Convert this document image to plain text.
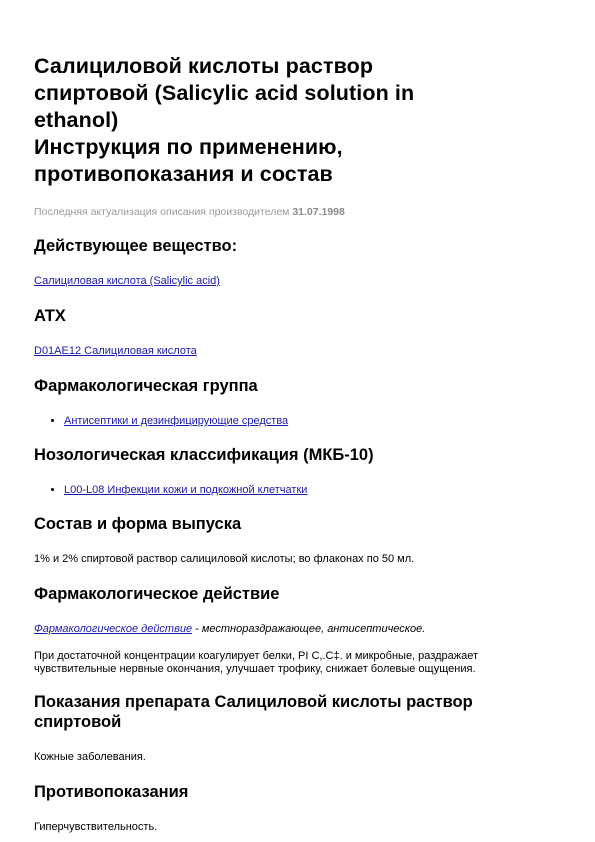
Салициловой кислоты раствор
спиртовой (Salicylic acid solution in
ethanol)
Инструкция по применению,
противопоказания и состав
Последняя актуализация описания производителем 31.07.1998
Действующее вещество:

Салициловая кислота (Salicylic acid)

ATX

D01AE12 Салициловая кислота

Фармакологическая группа
• Антисептики и дезинфицирующие средства
Нозологическая классификация (МКБ-10)
• L00-L08 Инфекции кожи и подкожной клетчатки
Состав и форма выпуска

1% и 2% спиртовой раствор салициловой кислоты; во флаконах по 50 мл.

Фармакологическое действие

Фармакологическое действие - местнораздражающее, антисептическое.

При достаточной концентрации коагулирует белки, PI C,.C‡. и микробные, раздражает
чувствительные нервные окончания, улучшает трофику, снижает болевые ощущения.

Показания препарата Салициловой кислоты раствор
спиртовой

Кожные заболевания.

Противопоказания

Гиперчувствительность.
